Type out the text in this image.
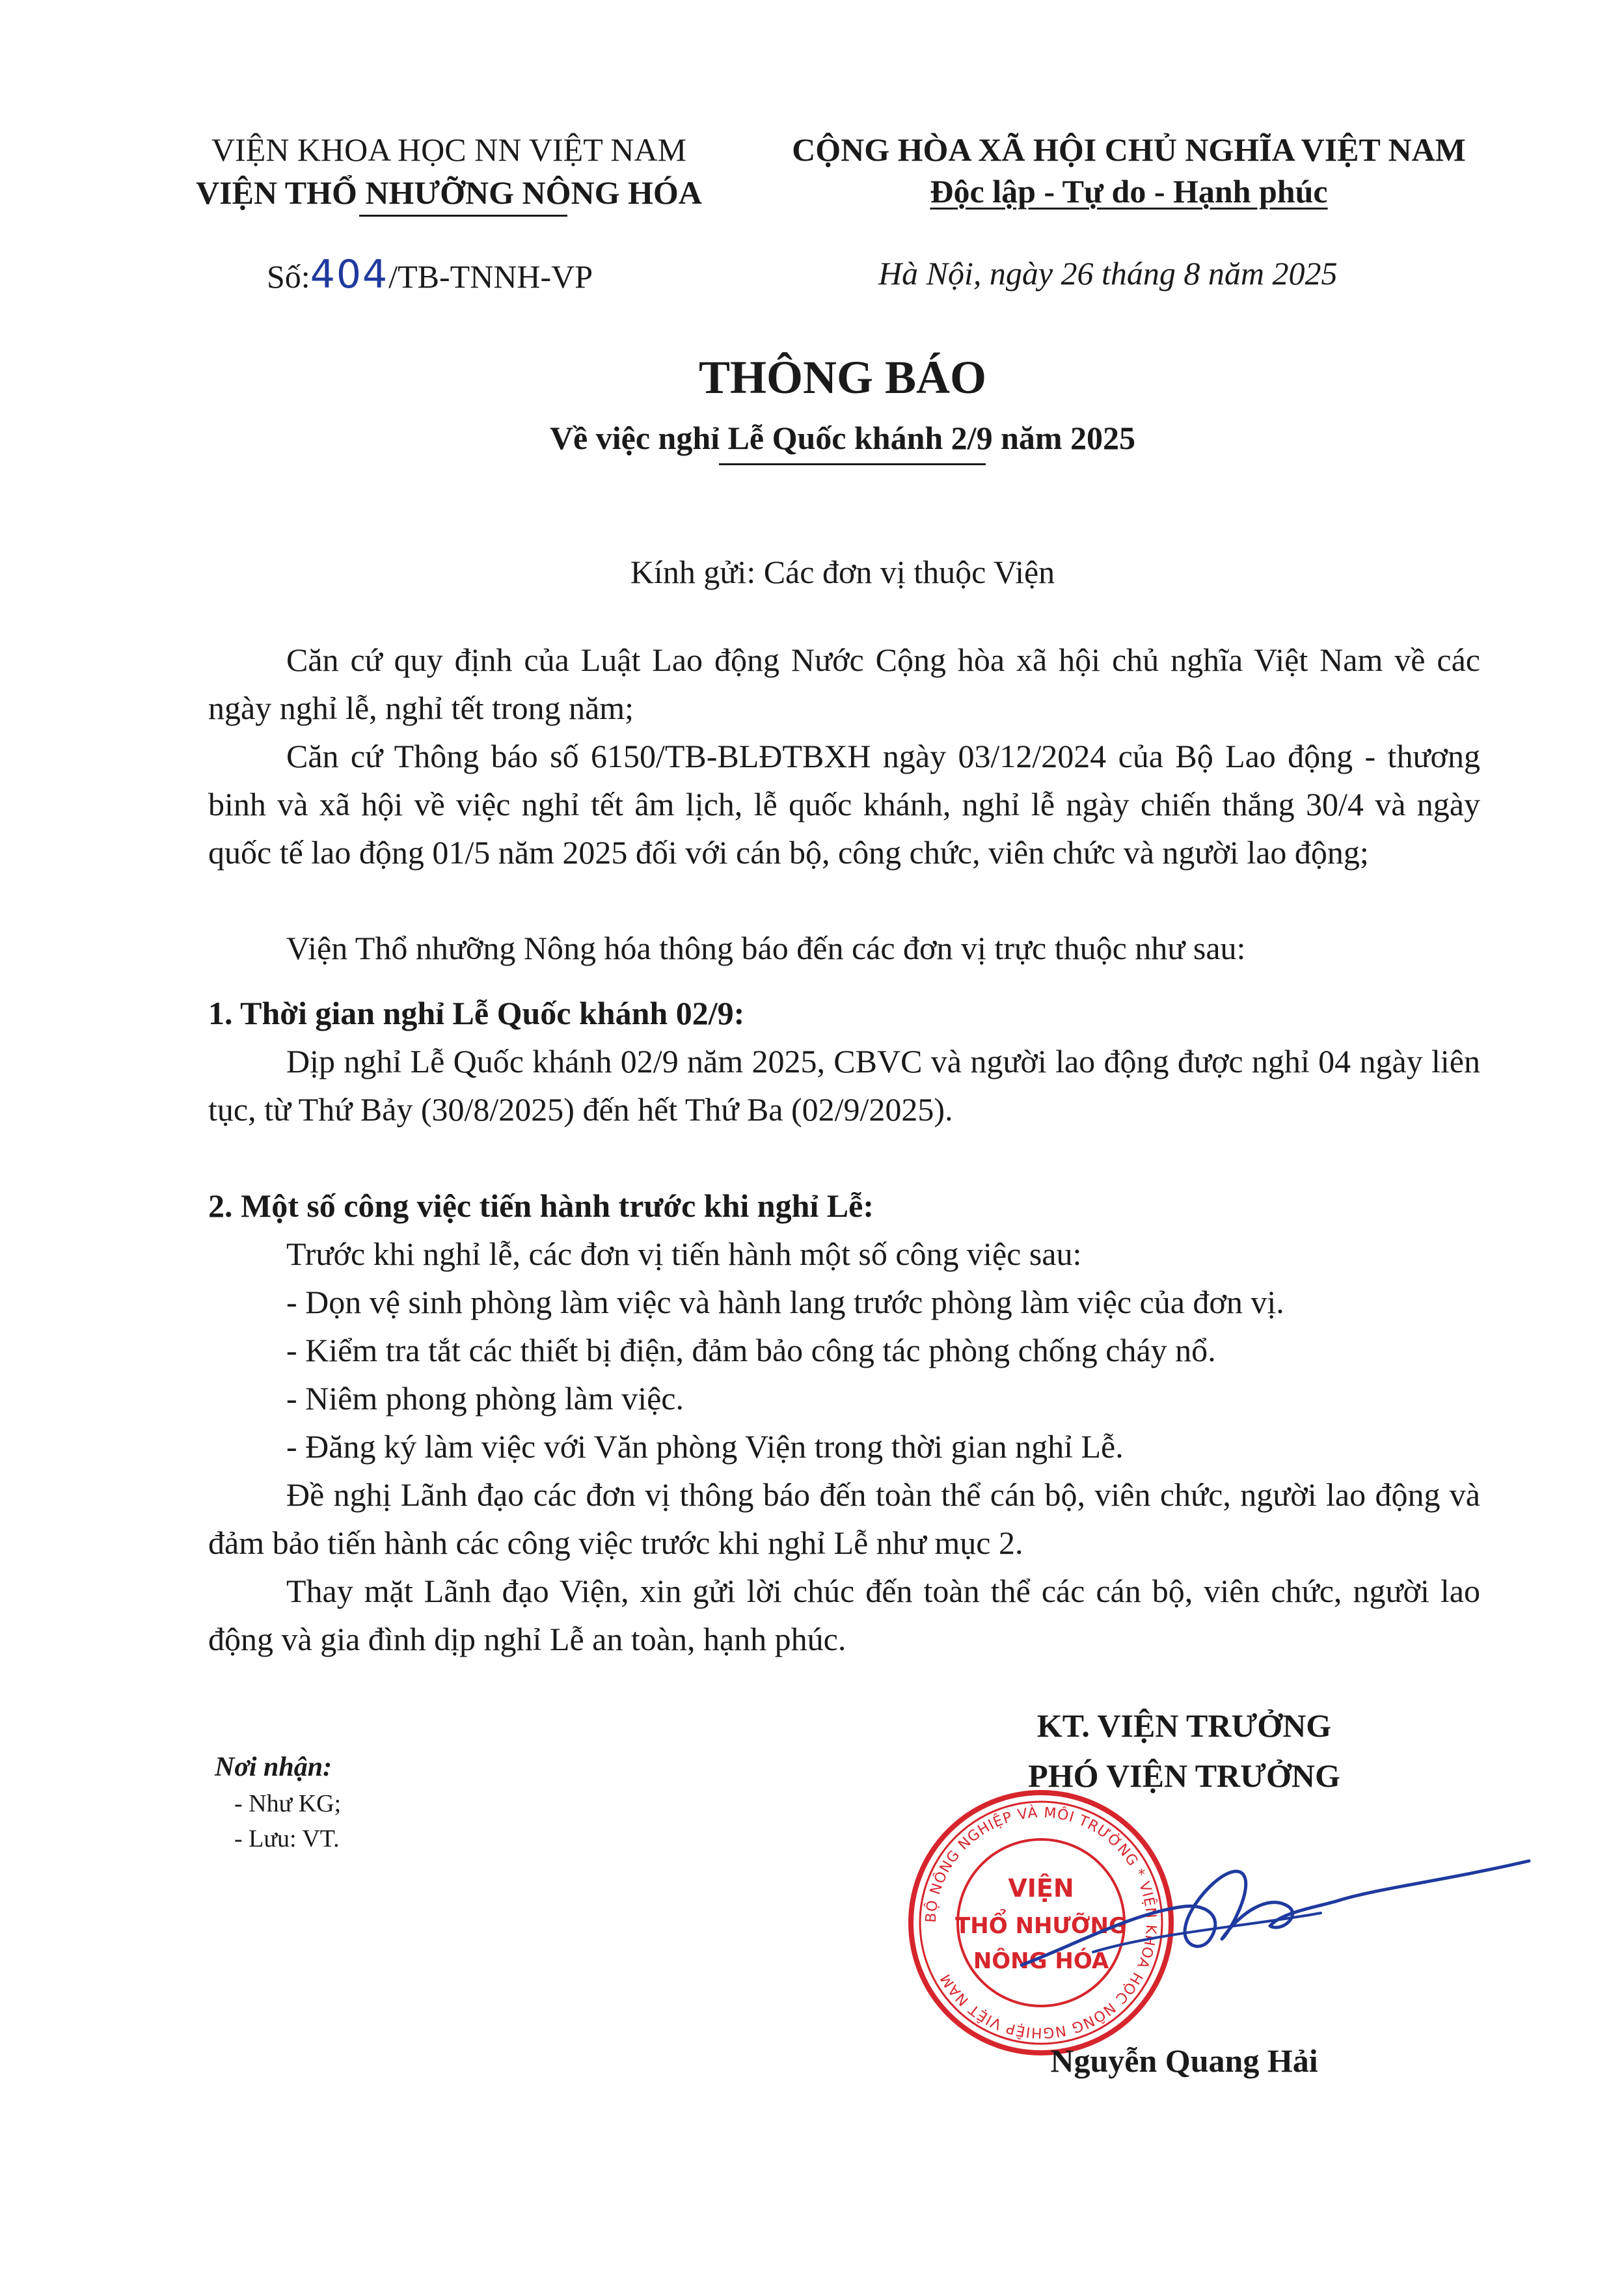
VIỆN KHOA HỌC NN VIỆT NAM
VIỆN THỔ NHƯỠNG NÔNG HÓA
CỘNG HÒA XÃ HỘI CHỦ NGHĨA VIỆT NAM
Độc lập - Tự do - Hạnh phúc
Số:404/TB-TNNH-VP	Hà Nội, ngày 26 tháng 8 năm 2025
THÔNG BÁO
Về việc nghỉ Lễ Quốc khánh 2/9 năm 2025
Kính gửi: Các đơn vị thuộc Viện
Căn cứ quy định của Luật Lao động Nước Cộng hòa xã hội chủ nghĩa Việt Nam về các ngày nghỉ lễ, nghỉ tết trong năm;
Căn cứ Thông báo số 6150/TB-BLĐTBXH ngày 03/12/2024 của Bộ Lao động - thương binh và xã hội về việc nghỉ tết âm lịch, lễ quốc khánh, nghỉ lễ ngày chiến thắng 30/4 và ngày quốc tế lao động 01/5 năm 2025 đối với cán bộ, công chức, viên chức và người lao động;
Viện Thổ nhưỡng Nông hóa thông báo đến các đơn vị trực thuộc như sau:
1. Thời gian nghỉ Lễ Quốc khánh 02/9:
Dịp nghỉ Lễ Quốc khánh 02/9 năm 2025, CBVC và người lao động được nghỉ 04 ngày liên tục, từ Thứ Bảy (30/8/2025) đến hết Thứ Ba (02/9/2025).
2. Một số công việc tiến hành trước khi nghỉ Lễ:
Trước khi nghỉ lễ, các đơn vị tiến hành một số công việc sau:
- Dọn vệ sinh phòng làm việc và hành lang trước phòng làm việc của đơn vị.
- Kiểm tra tắt các thiết bị điện, đảm bảo công tác phòng chống cháy nổ.
- Niêm phong phòng làm việc.
- Đăng ký làm việc với Văn phòng Viện trong thời gian nghỉ Lễ.
Đề nghị Lãnh đạo các đơn vị thông báo đến toàn thể cán bộ, viên chức, người lao động và đảm bảo tiến hành các công việc trước khi nghỉ Lễ như mục 2.
Thay mặt Lãnh đạo Viện, xin gửi lời chúc đến toàn thể các cán bộ, viên chức, người lao động và gia đình dịp nghỉ Lễ an toàn, hạnh phúc.
Nơi nhận:
- Như KG;
- Lưu: VT.
KT. VIỆN TRƯỞNG
PHÓ VIỆN TRƯỞNG
BỘ NÔNG NGHIỆP VÀ MÔI TRƯỜNG * VIỆN KHOA HỌC NÔNG NGHIỆP VIỆT NAM
VIỆN
THỔ NHƯỠNG
NÔNG HÓA
Nguyễn Quang Hải
